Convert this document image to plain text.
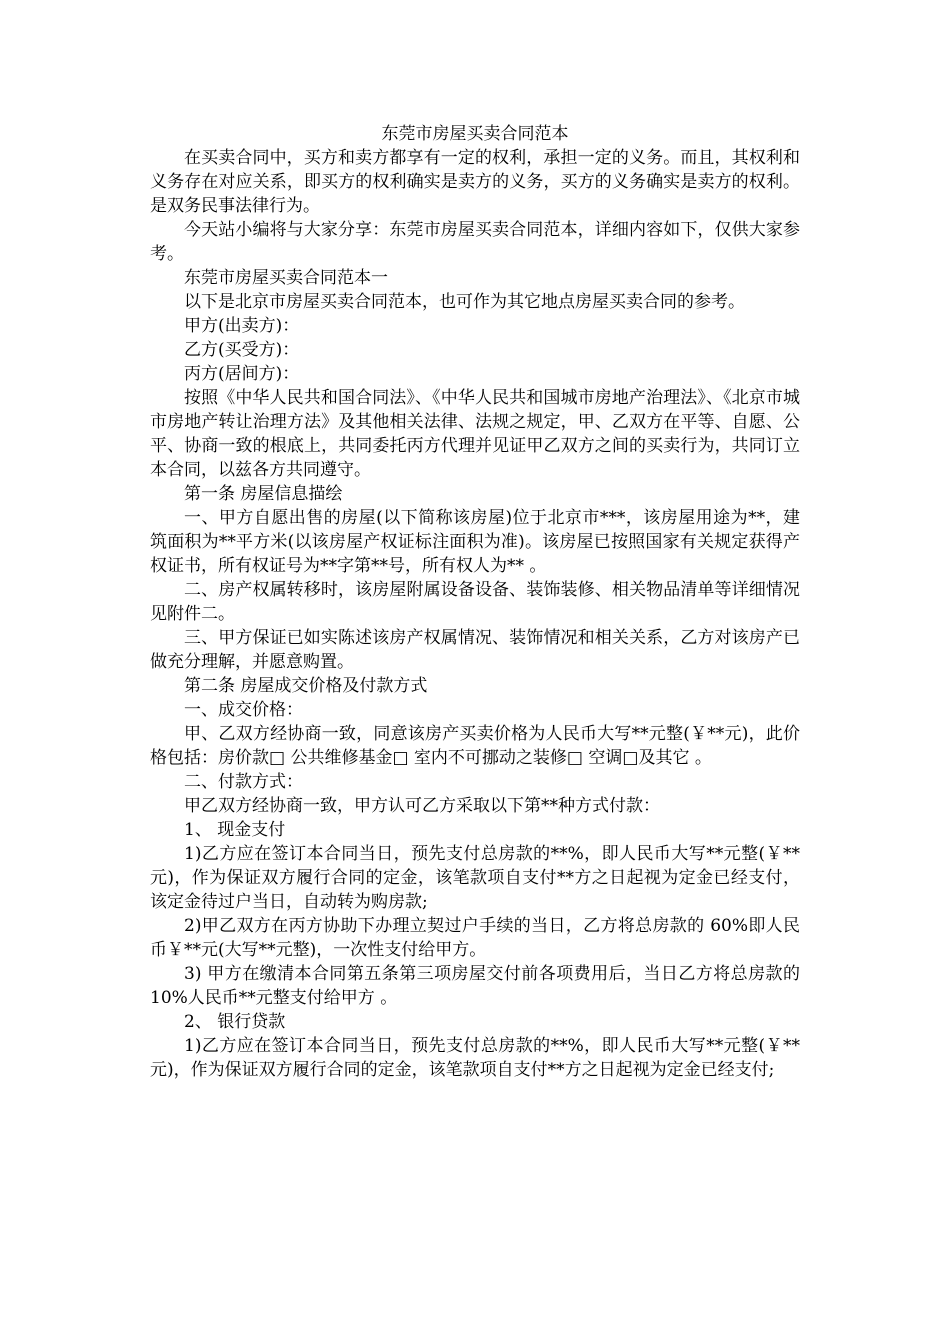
东莞市房屋买卖合同范本

在买卖合同中，买方和卖方都享有一定的权利，承担一定的义务。而且，其权利和义务存在对应关系，即买方的权利确实是卖方的义务，买方的义务确实是卖方的权利。是双务民事法律行为。

今天站小编将与大家分享：东莞市房屋买卖合同范本，详细内容如下，仅供大家参考。

东莞市房屋买卖合同范本一

以下是北京市房屋买卖合同范本，也可作为其它地点房屋买卖合同的参考。

甲方(出卖方)：

乙方(买受方)：

丙方(居间方)：

按照《中华人民共和国合同法》、《中华人民共和国城市房地产治理法》、《北京市城市房地产转让治理方法》及其他相关法律、法规之规定，甲、乙双方在平等、自愿、公平、协商一致的根底上，共同委托丙方代理并见证甲乙双方之间的买卖行为，共同订立本合同，以兹各方共同遵守。

第一条 房屋信息描绘

一、甲方自愿出售的房屋(以下简称该房屋)位于北京市***，该房屋用途为**，建筑面积为**平方米(以该房屋产权证标注面积为准)。该房屋已按照国家有关规定获得产权证书，所有权证号为**字第**号，所有权人为** 。

二、房产权属转移时，该房屋附属设备设备、装饰装修、相关物品清单等详细情况见附件二。

三、甲方保证已如实陈述该房产权属情况、装饰情况和相关关系，乙方对该房产已做充分理解，并愿意购置。

第二条 房屋成交价格及付款方式

一、成交价格：

甲、乙双方经协商一致，同意该房产买卖价格为人民币大写**元整(￥**元)，此价格包括：房价款□ 公共维修基金□ 室内不可挪动之装修□ 空调□及其它 。

二、付款方式：

甲乙双方经协商一致，甲方认可乙方采取以下第**种方式付款：

1、 现金支付

1)乙方应在签订本合同当日，预先支付总房款的**%，即人民币大写**元整(￥**元)，作为保证双方履行合同的定金，该笔款项自支付**方之日起视为定金已经支付，该定金待过户当日，自动转为购房款;

2)甲乙双方在丙方协助下办理立契过户手续的当日，乙方将总房款的 60%即人民币￥**元(大写**元整)，一次性支付给甲方。

3) 甲方在缴清本合同第五条第三项房屋交付前各项费用后，当日乙方将总房款的 10%人民币**元整支付给甲方 。

2、 银行贷款

1)乙方应在签订本合同当日，预先支付总房款的**%，即人民币大写**元整(￥**元)，作为保证双方履行合同的定金，该笔款项自支付**方之日起视为定金已经支付;
